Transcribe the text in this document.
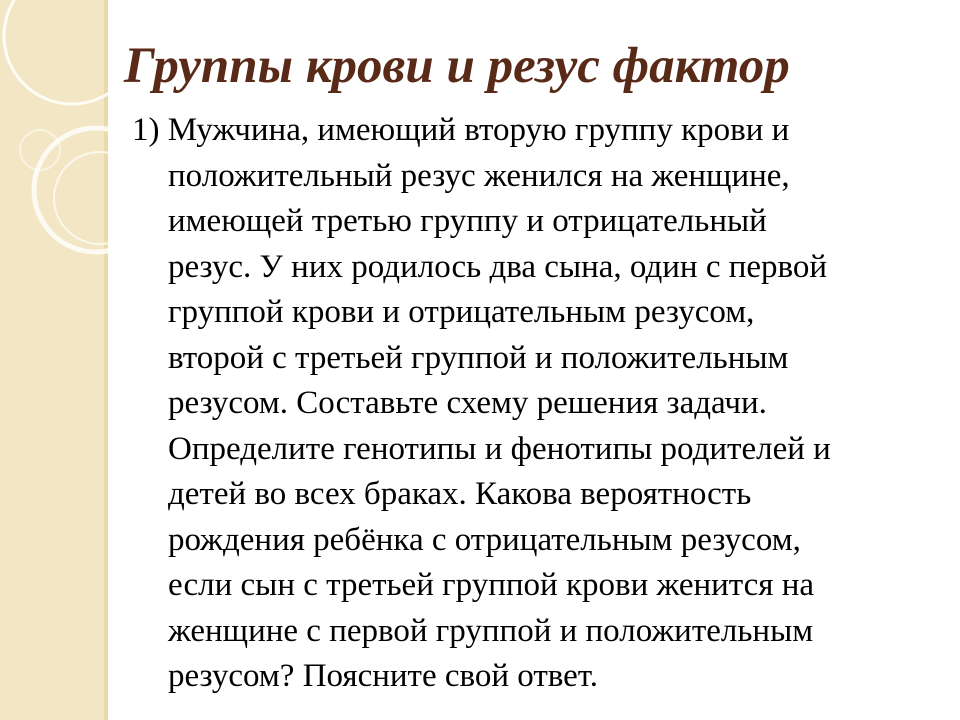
Группы крови и резус фактор
1) Мужчина, имеющий вторую группу крови и
положительный резус женился на женщине,
имеющей третью группу и отрицательный
резус. У них родилось два сына, один с первой
группой крови и отрицательным резусом,
второй с третьей группой и положительным
резусом. Составьте схему решения задачи.
Определите генотипы и фенотипы родителей и
детей во всех браках. Какова вероятность
рождения ребёнка с отрицательным резусом,
если сын с третьей группой крови женится на
женщине с первой группой и положительным
резусом? Поясните свой ответ.
